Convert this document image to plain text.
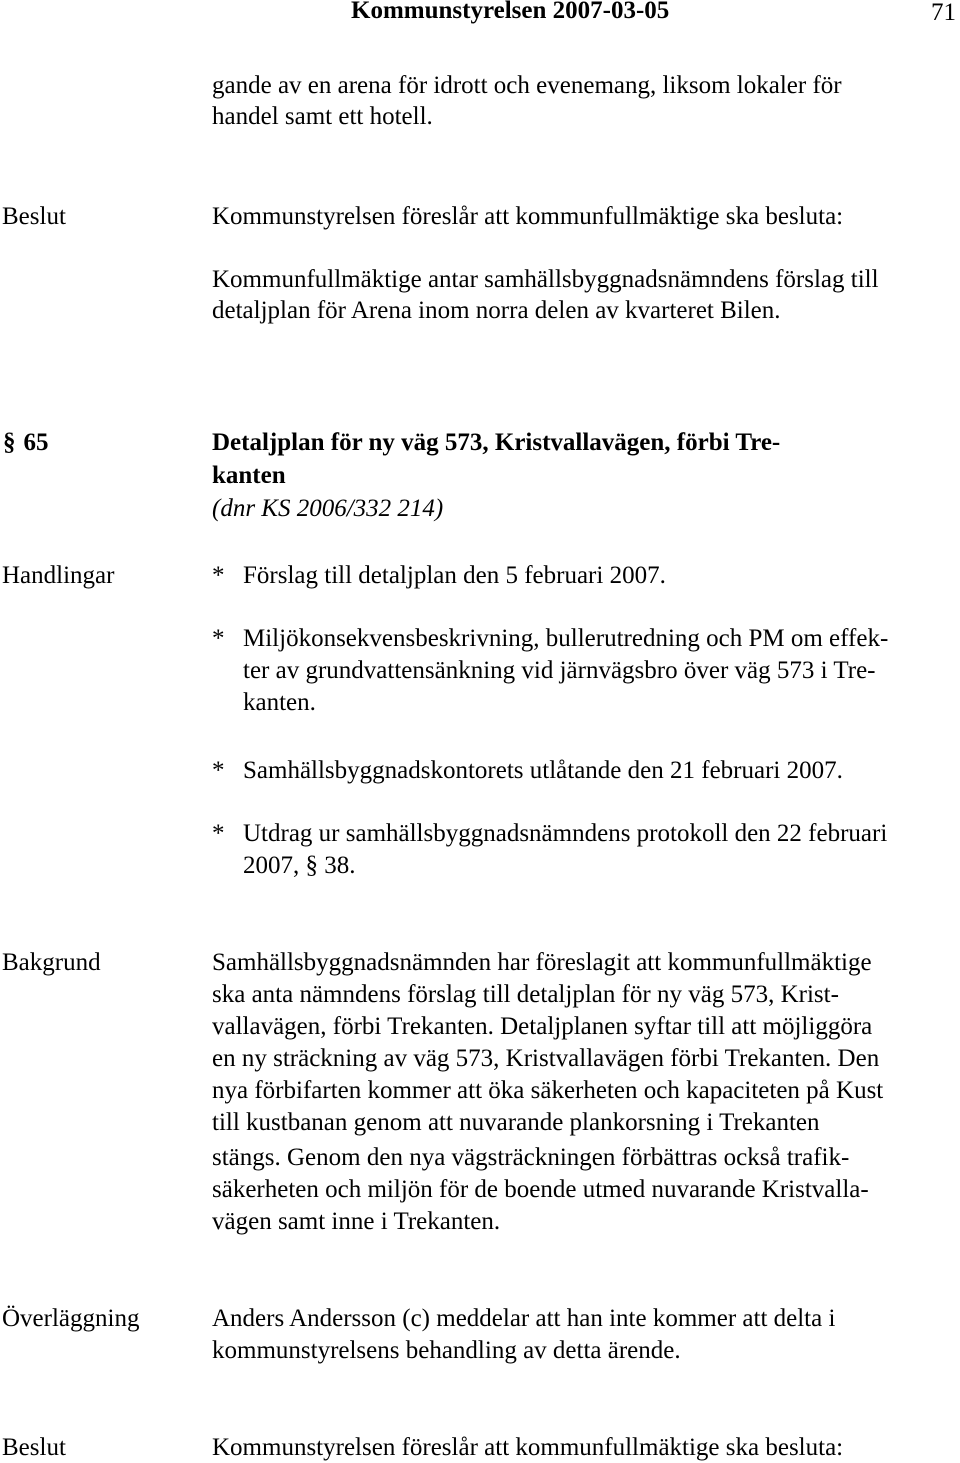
Kommunstyrelsen 2007-03-05	71
gande av en arena för idrott och evenemang, liksom lokaler för
handel samt ett hotell.
Beslut	Kommunstyrelsen föreslår att kommunfullmäktige ska besluta:
Kommunfullmäktige antar samhällsbyggnadsnämndens förslag till
detaljplan för Arena inom norra delen av kvarteret Bilen.
§ 65	Detaljplan för ny väg 573, Kristvallavägen, förbi Tre-
kanten
(dnr KS 2006/332 214)
Handlingar	* Förslag till detaljplan den 5 februari 2007.
* Miljökonsekvensbeskrivning, bullerutredning och PM om effek-
ter av grundvattensänkning vid järnvägsbro över väg 573 i Tre-
kanten.
* Samhällsbyggnadskontorets utlåtande den 21 februari 2007.
* Utdrag ur samhällsbyggnadsnämndens protokoll den 22 februari
2007, § 38.
Bakgrund	Samhällsbyggnadsnämnden har föreslagit att kommunfullmäktige
ska anta nämndens förslag till detaljplan för ny väg 573, Krist-
vallavägen, förbi Trekanten. Detaljplanen syftar till att möjliggöra
en ny sträckning av väg 573, Kristvallavägen förbi Trekanten. Den
nya förbifarten kommer att öka säkerheten och kapaciteten på Kust
till kustbanan genom att nuvarande plankorsning i Trekanten
stängs. Genom den nya vägsträckningen förbättras också trafik-
säkerheten och miljön för de boende utmed nuvarande Kristvalla-
vägen samt inne i Trekanten.
Överläggning	Anders Andersson (c) meddelar att han inte kommer att delta i
kommunstyrelsens behandling av detta ärende.
Beslut	Kommunstyrelsen föreslår att kommunfullmäktige ska besluta:
